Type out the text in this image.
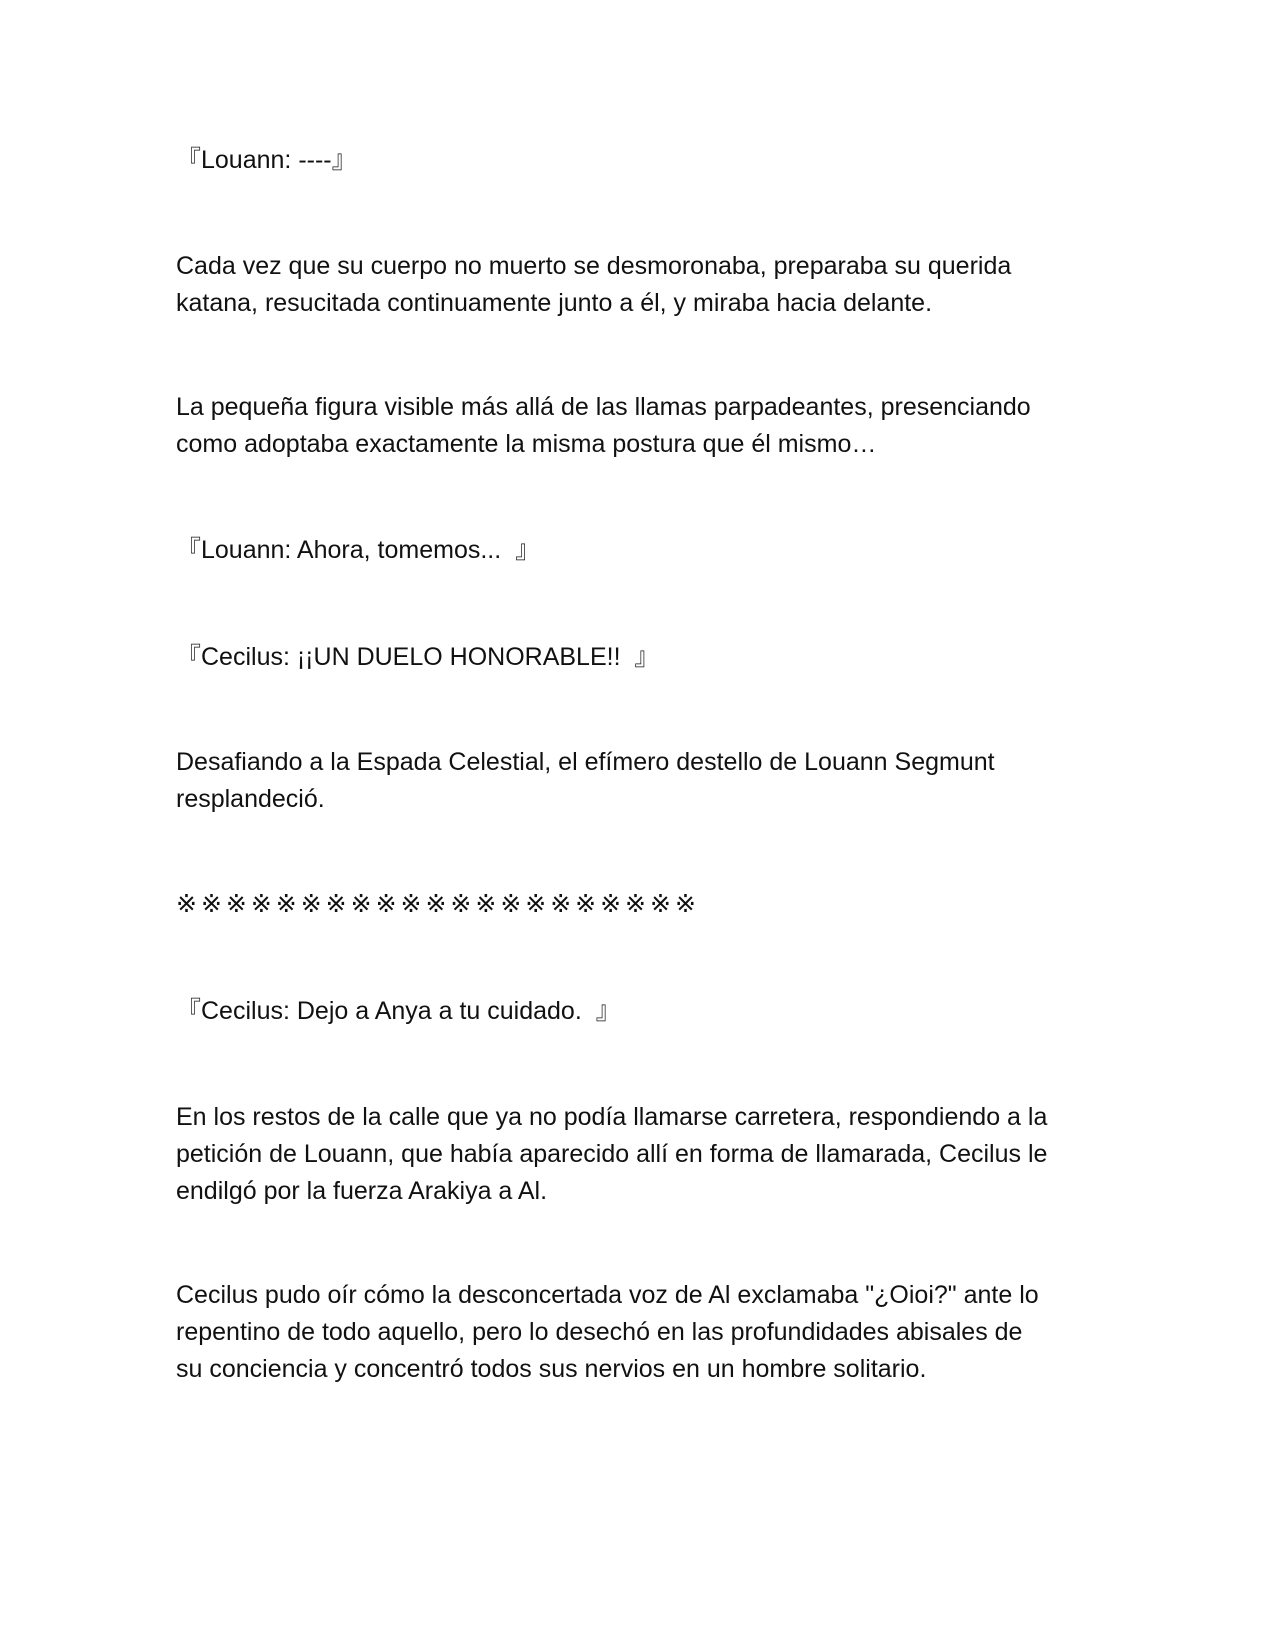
『Louann: ----』
Cada vez que su cuerpo no muerto se desmoronaba, preparaba su querida
katana, resucitada continuamente junto a él, y miraba hacia delante.
La pequeña figura visible más allá de las llamas parpadeantes, presenciando
como adoptaba exactamente la misma postura que él mismo…
『Louann: Ahora, tomemos...  』
『Cecilus: ¡¡UN DUELO HONORABLE!!  』
Desafiando a la Espada Celestial, el efímero destello de Louann Segmunt
resplandeció.
※※※※※※※※※※※※※※※※※※※※※
『Cecilus: Dejo a Anya a tu cuidado.  』
En los restos de la calle que ya no podía llamarse carretera, respondiendo a la
petición de Louann, que había aparecido allí en forma de llamarada, Cecilus le
endilgó por la fuerza Arakiya a Al.
Cecilus pudo oír cómo la desconcertada voz de Al exclamaba "¿Oioi?" ante lo
repentino de todo aquello, pero lo desechó en las profundidades abisales de
su conciencia y concentró todos sus nervios en un hombre solitario.
